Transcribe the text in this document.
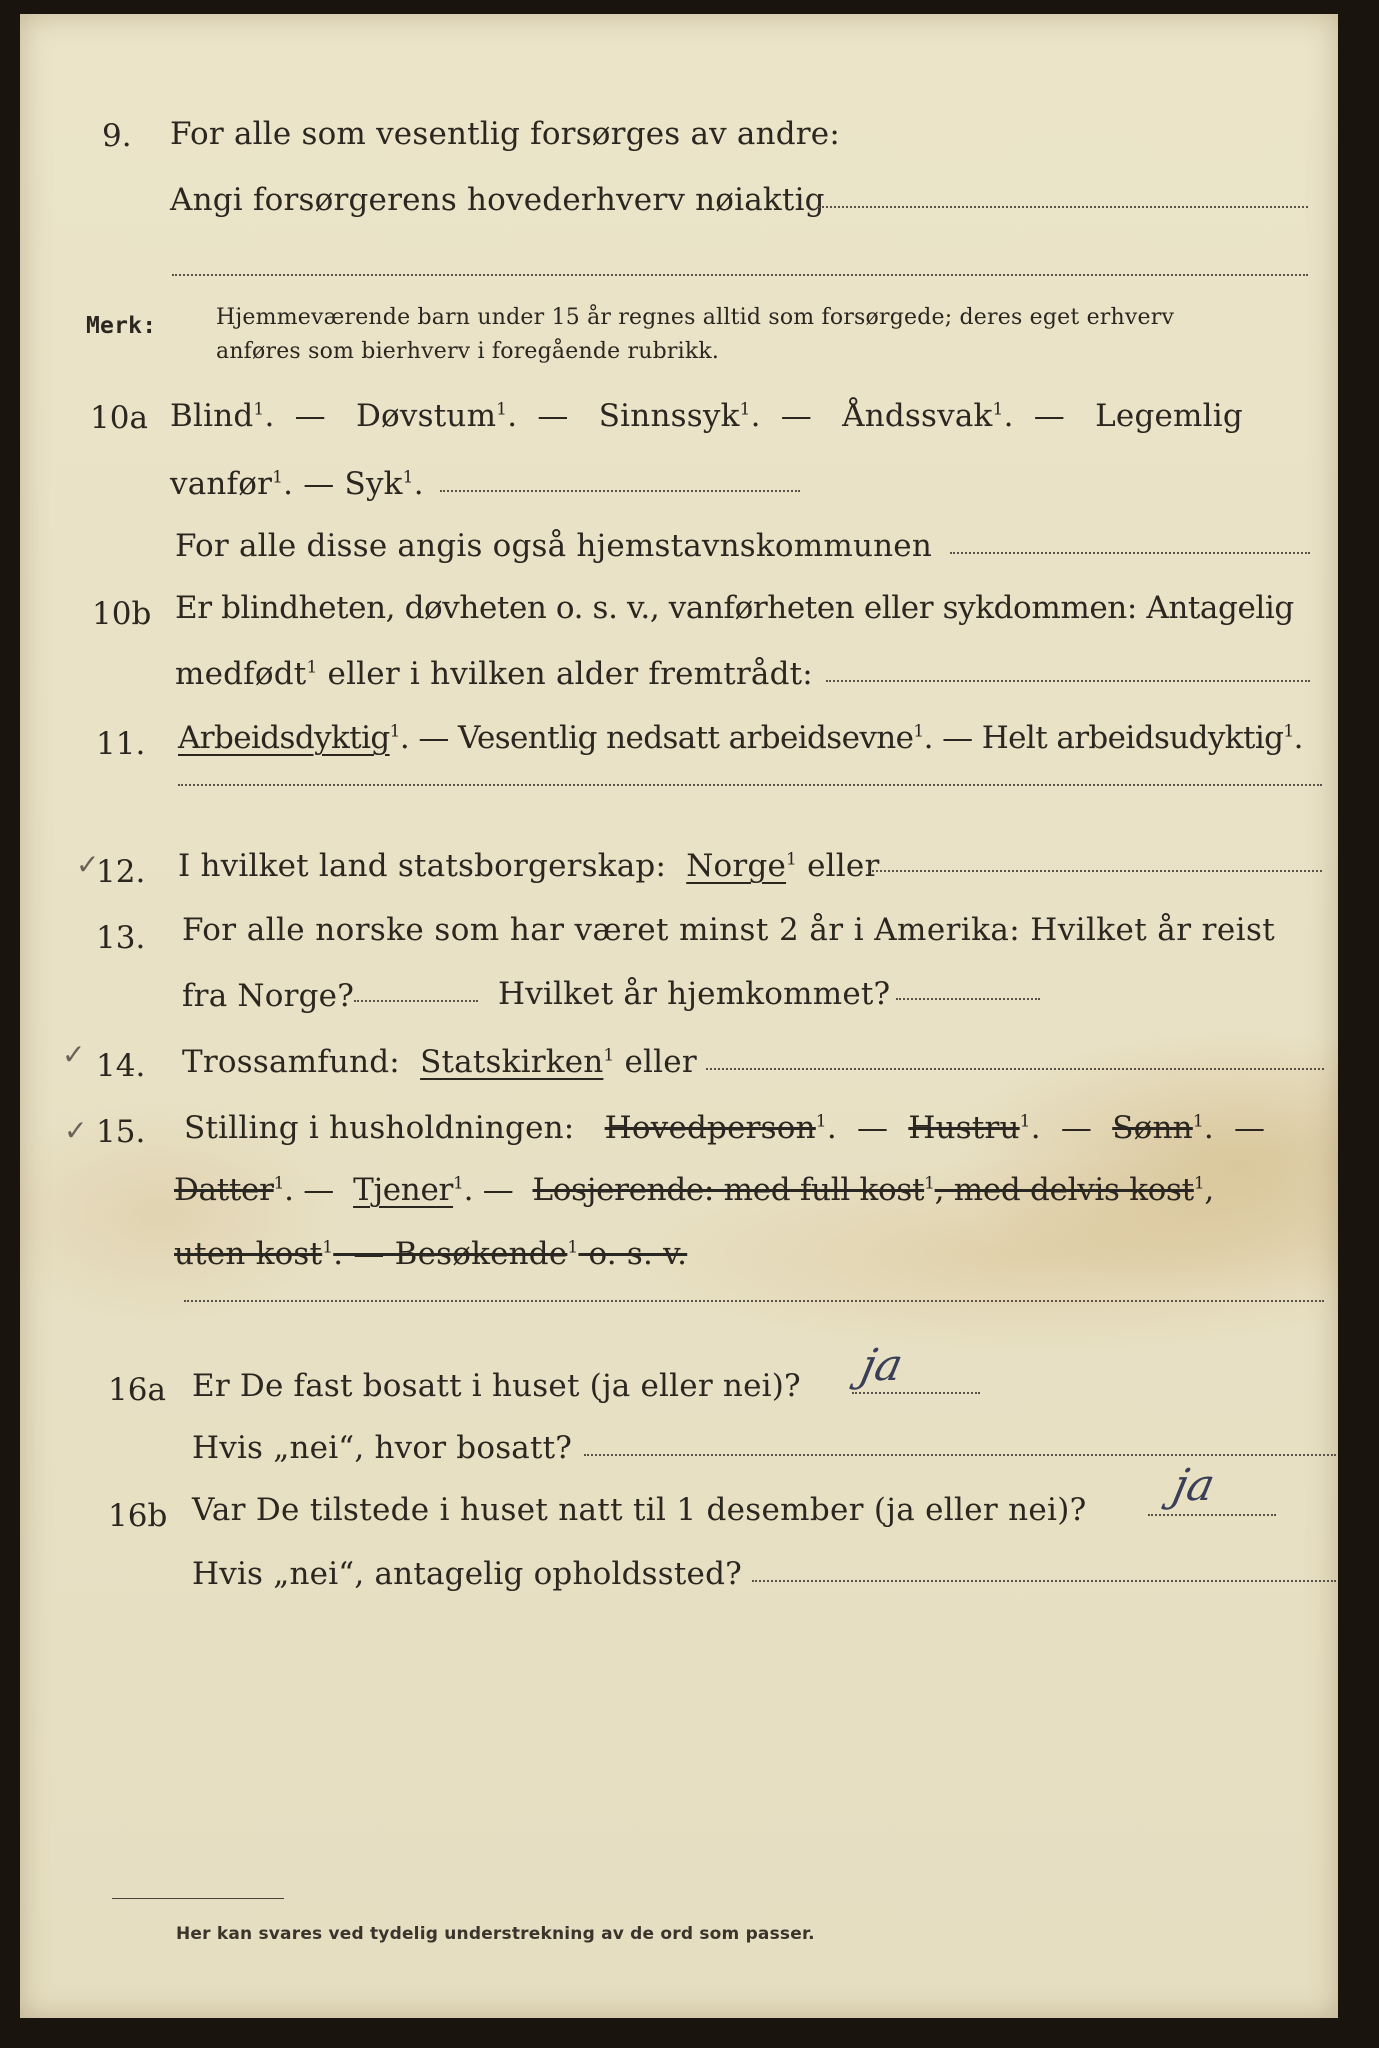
9. For alle som vesentlig forsørges av andre:
Angi forsørgerens hovederhverv nøiaktig
Merk:	Hjemmeværende barn under 15 år regnes alltid som forsørgede; deres eget erhverv
anføres som bierhverv i foregående rubrikk.
10a Blind$^1$.  — Døvstum$^1$.  — Sinnssyk$^1$.  — Åndssvak$^1$.  — Legemlig
vanfør$^1$. — Syk$^1$.
For alle disse angis også hjemstavnskommunen
10b Er blindheten, døvheten o. s. v., vanførheten eller sykdommen: Antagelig
medfødt$^1$ eller i hvilken alder fremtrådt:
11. Arbeidsdyktig$^1$. — Vesentlig nedsatt arbeidsevne$^1$. — Helt arbeidsudyktig$^1$.
✓
12. I hvilket land statsborgerskap: Norge$^1$ eller
13. For alle norske som har været minst 2 år i Amerika: Hvilket år reist
fra Norge?	Hvilket år hjemkommet?
✓ 14. Trossamfund: Statskirken$^1$ eller
✓ 15. Stilling i husholdningen: Hovedperson$^1$.  — Hustru$^1$.  — Sønn$^1$.  —
Datter$^1$. — Tjener$^1$. — Losjerende: med full kost$^1$, med delvis kost$^1$,
uten kost$^1$. — Besøkende$^1$ o. s. v.
16a Er De fast bosatt i huset (ja eller nei)? ja
Hvis „nei“, hvor bosatt?
16b Var De tilstede i huset natt til 1 desember (ja eller nei)? ja
Hvis „nei“, antagelig opholdssted?
Her kan svares ved tydelig understrekning av de ord som passer.
